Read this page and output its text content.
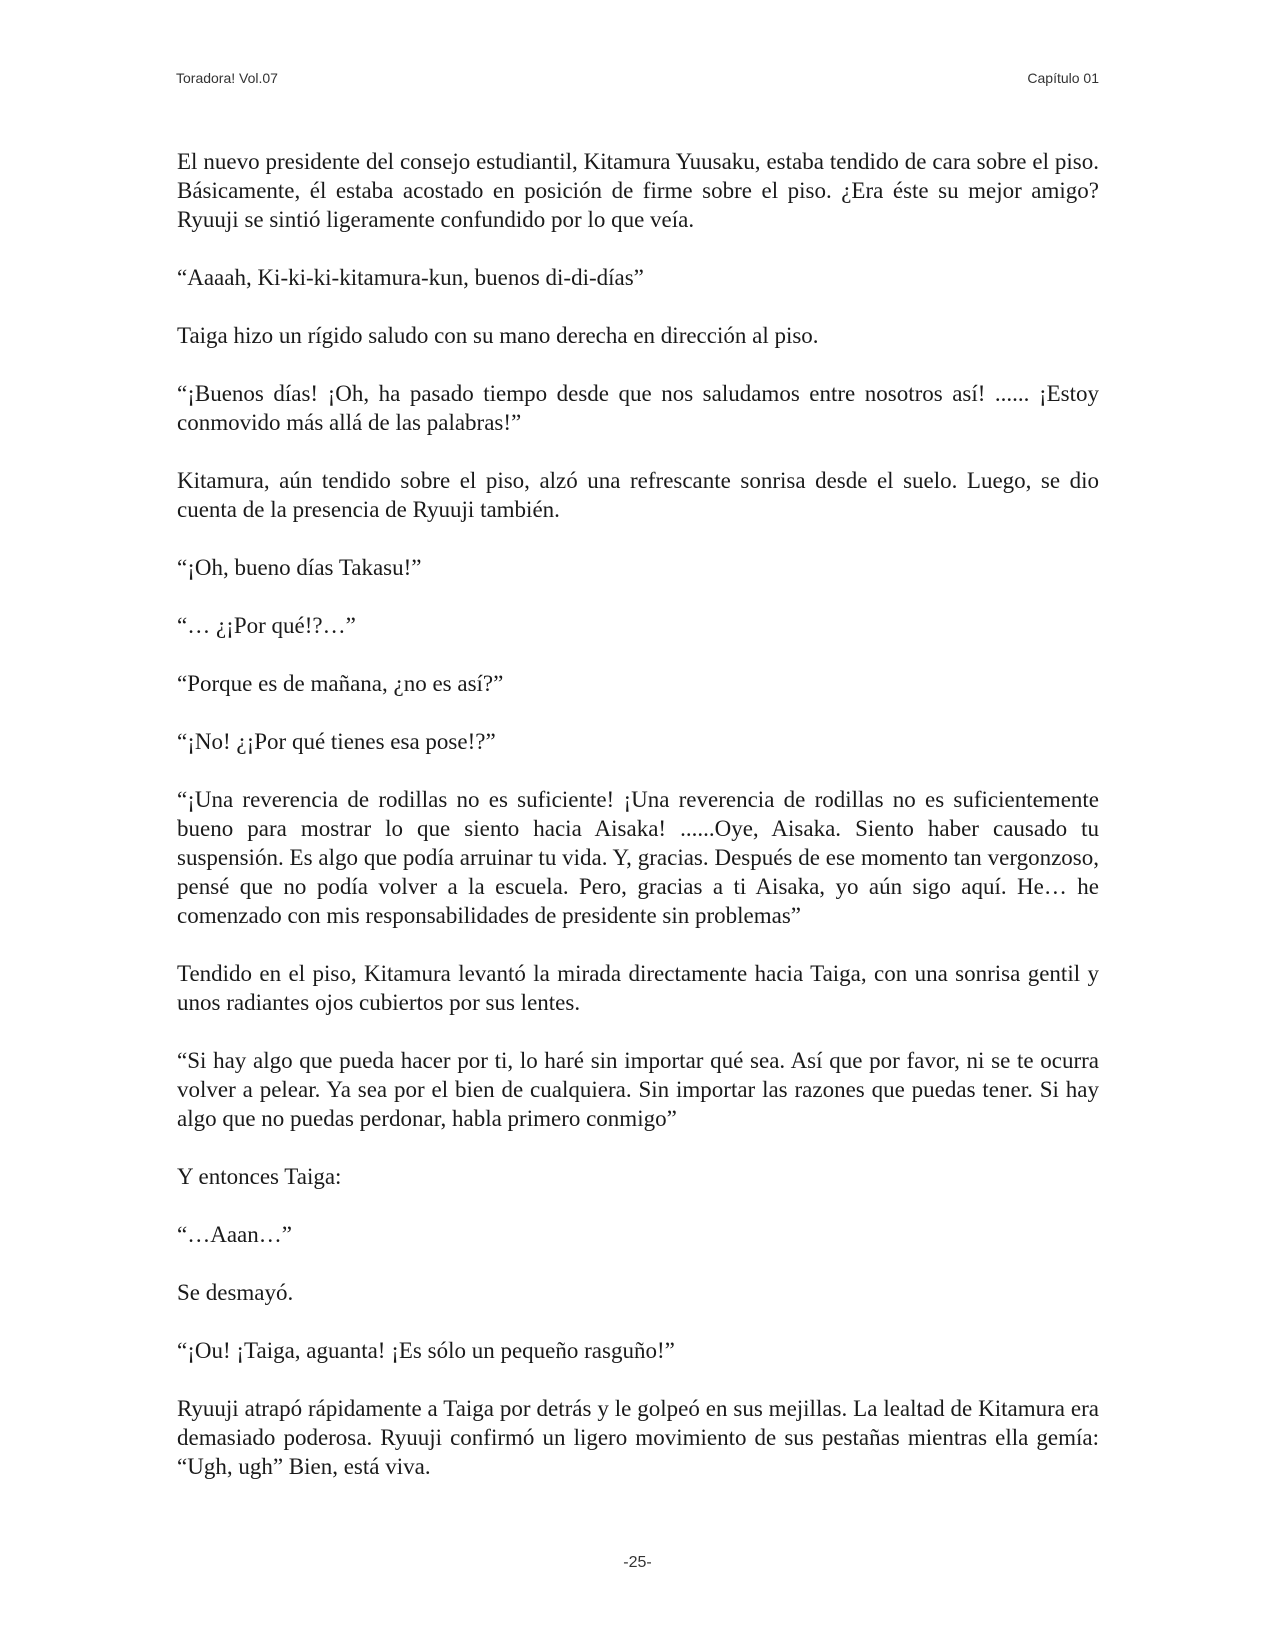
Toradora! Vol.07	Capítulo 01

El nuevo presidente del consejo estudiantil, Kitamura Yuusaku, estaba tendido de cara sobre el piso. Básicamente, él estaba acostado en posición de firme sobre el piso. ¿Era éste su mejor amigo? Ryuuji se sintió ligeramente confundido por lo que veía.

“Aaaah, Ki-ki-ki-kitamura-kun, buenos di-di-días”

Taiga hizo un rígido saludo con su mano derecha en dirección al piso.

“¡Buenos días! ¡Oh, ha pasado tiempo desde que nos saludamos entre nosotros así! ...... ¡Estoy conmovido más allá de las palabras!”

Kitamura, aún tendido sobre el piso, alzó una refrescante sonrisa desde el suelo. Luego, se dio cuenta de la presencia de Ryuuji también.

“¡Oh, bueno días Takasu!”

“… ¿¡Por qué!?…”

“Porque es de mañana, ¿no es así?”

“¡No! ¿¡Por qué tienes esa pose!?”

“¡Una reverencia de rodillas no es suficiente! ¡Una reverencia de rodillas no es suficientemente bueno para mostrar lo que siento hacia Aisaka! ......Oye, Aisaka. Siento haber causado tu suspensión. Es algo que podía arruinar tu vida. Y, gracias. Después de ese momento tan vergonzoso, pensé que no podía volver a la escuela. Pero, gracias a ti Aisaka, yo aún sigo aquí. He… he comenzado con mis responsabilidades de presidente sin problemas”

Tendido en el piso, Kitamura levantó la mirada directamente hacia Taiga, con una sonrisa gentil y unos radiantes ojos cubiertos por sus lentes.

“Si hay algo que pueda hacer por ti, lo haré sin importar qué sea. Así que por favor, ni se te ocurra volver a pelear. Ya sea por el bien de cualquiera. Sin importar las razones que puedas tener. Si hay algo que no puedas perdonar, habla primero conmigo”

Y entonces Taiga:

“…Aaan…”

Se desmayó.

“¡Ou! ¡Taiga, aguanta! ¡Es sólo un pequeño rasguño!”

Ryuuji atrapó rápidamente a Taiga por detrás y le golpeó en sus mejillas. La lealtad de Kitamura era demasiado poderosa. Ryuuji confirmó un ligero movimiento de sus pestañas mientras ella gemía: “Ugh, ugh” Bien, está viva.

-25-
